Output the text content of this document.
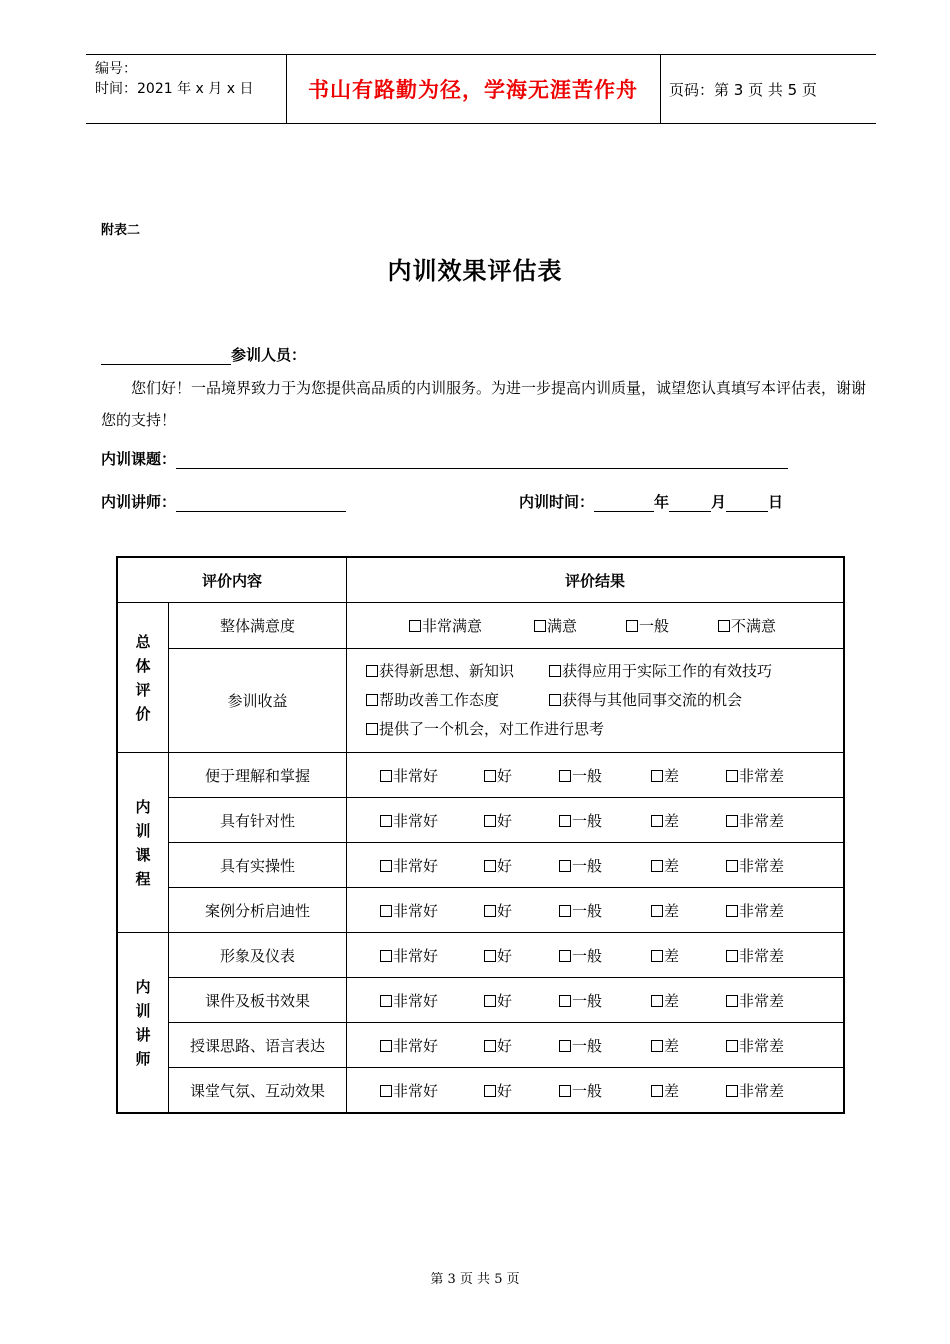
编号：
时间：2021 年 x 月 x 日	书山有路勤为径，学海无涯苦作舟	页码：第 3 页 共 5 页
附表二
内训效果评估表
参训人员：
您们好！一品境界致力于为您提供高品质的内训服务。为进一步提高内训质量，诚望您认真填写本评估表，谢谢您的支持！
内训课题：
内训讲师：	内训时间：	年	月	日
评价内容		评价结果

总
体
评
价	整体满意度	非常满意 满意 一般 不满意
	参训收益	获得新思想、新知识 获得应用于实际工作的有效技巧
帮助改善工作态度 获得与其他同事交流的机会
提供了一个机会，对工作进行思考

内
训
课
程	便于理解和掌握	非常好 好 一般 差 非常差
	具有针对性	非常好 好 一般 差 非常差
	具有实操性	非常好 好 一般 差 非常差
	案例分析启迪性	非常好 好 一般 差 非常差

内
训
讲
师	形象及仪表	非常好 好 一般 差 非常差
	课件及板书效果	非常好 好 一般 差 非常差
	授课思路、语言表达	非常好 好 一般 差 非常差
	课堂气氛、互动效果	非常好 好 一般 差 非常差
第 3 页 共 5 页
